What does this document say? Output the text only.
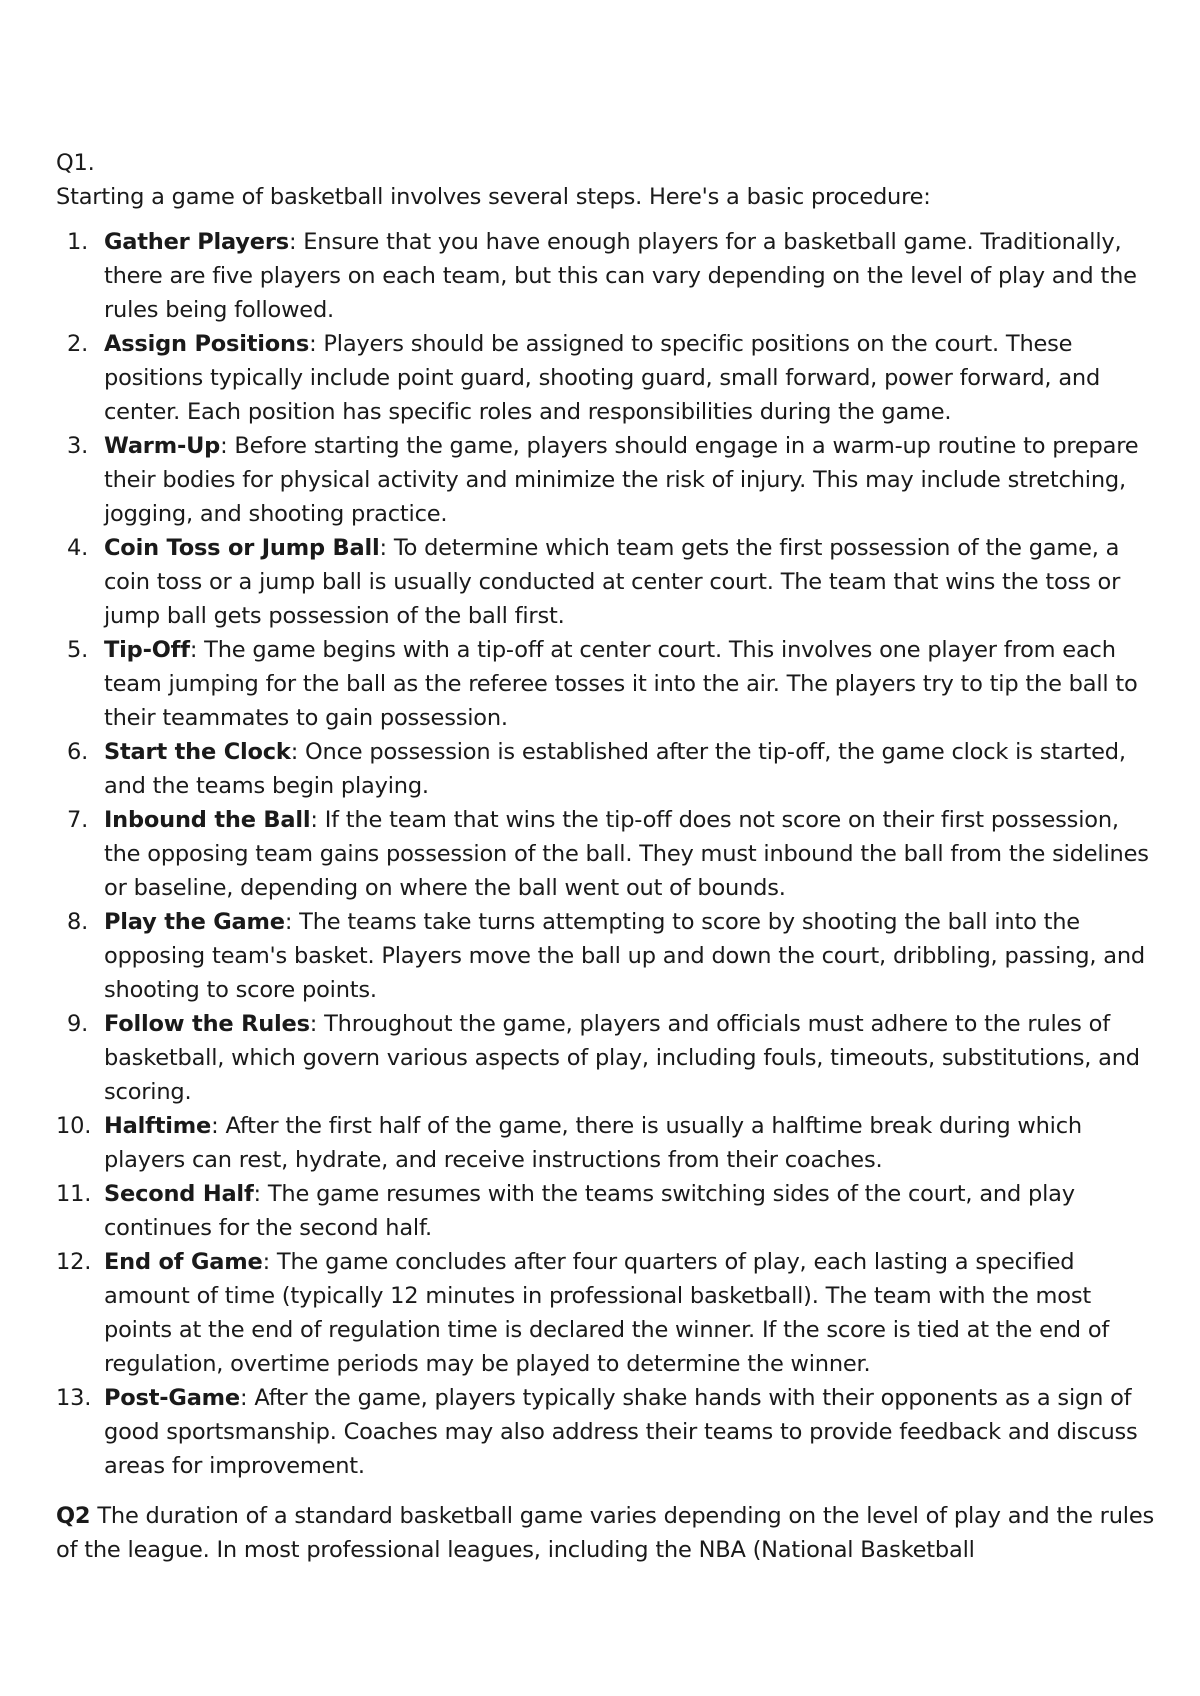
Q1.

Starting a game of basketball involves several steps. Here's a basic procedure:

1. Gather Players: Ensure that you have enough players for a basketball game. Traditionally, there are five players on each team, but this can vary depending on the level of play and the rules being followed.
2. Assign Positions: Players should be assigned to specific positions on the court. These positions typically include point guard, shooting guard, small forward, power forward, and center. Each position has specific roles and responsibilities during the game.
3. Warm-Up: Before starting the game, players should engage in a warm-up routine to prepare their bodies for physical activity and minimize the risk of injury. This may include stretching, jogging, and shooting practice.
4. Coin Toss or Jump Ball: To determine which team gets the first possession of the game, a coin toss or a jump ball is usually conducted at center court. The team that wins the toss or jump ball gets possession of the ball first.
5. Tip-Off: The game begins with a tip-off at center court. This involves one player from each team jumping for the ball as the referee tosses it into the air. The players try to tip the ball to their teammates to gain possession.
6. Start the Clock: Once possession is established after the tip-off, the game clock is started, and the teams begin playing.
7. Inbound the Ball: If the team that wins the tip-off does not score on their first possession, the opposing team gains possession of the ball. They must inbound the ball from the sidelines or baseline, depending on where the ball went out of bounds.
8. Play the Game: The teams take turns attempting to score by shooting the ball into the opposing team's basket. Players move the ball up and down the court, dribbling, passing, and shooting to score points.
9. Follow the Rules: Throughout the game, players and officials must adhere to the rules of basketball, which govern various aspects of play, including fouls, timeouts, substitutions, and scoring.
10. Halftime: After the first half of the game, there is usually a halftime break during which players can rest, hydrate, and receive instructions from their coaches.
11. Second Half: The game resumes with the teams switching sides of the court, and play continues for the second half.
12. End of Game: The game concludes after four quarters of play, each lasting a specified amount of time (typically 12 minutes in professional basketball). The team with the most points at the end of regulation time is declared the winner. If the score is tied at the end of regulation, overtime periods may be played to determine the winner.
13. Post-Game: After the game, players typically shake hands with their opponents as a sign of good sportsmanship. Coaches may also address their teams to provide feedback and discuss areas for improvement.

Q2 The duration of a standard basketball game varies depending on the level of play and the rules of the league. In most professional leagues, including the NBA (National Basketball
